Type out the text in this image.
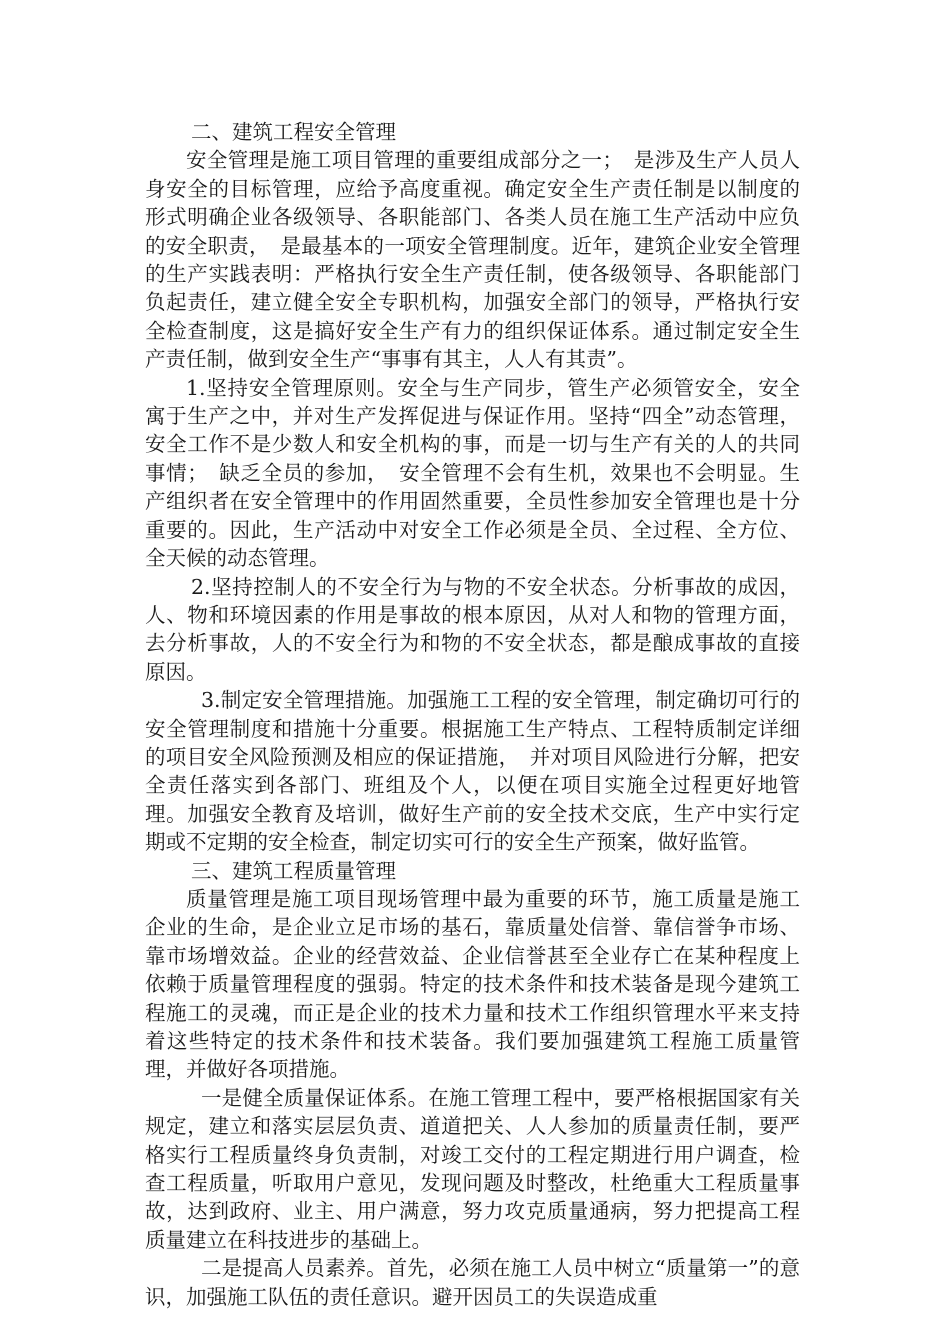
二、建筑工程安全管理

安全管理是施工项目管理的重要组成部分之一；　是涉及生产人员人身安全的目标管理，应给予高度重视。确定安全生产责任制是以制度的形式明确企业各级领导、各职能部门、各类人员在施工生产活动中应负的安全职责，　是最基本的一项安全管理制度。近年，建筑企业安全管理的生产实践表明：严格执行安全生产责任制，使各级领导、各职能部门负起责任，建立健全安全专职机构，加强安全部门的领导，严格执行安全检查制度，这是搞好安全生产有力的组织保证体系。通过制定安全生产责任制，做到安全生产“事事有其主，人人有其责”。

1.坚持安全管理原则。安全与生产同步，管生产必须管安全，安全寓于生产之中，并对生产发挥促进与保证作用。坚持“四全”动态管理，安全工作不是少数人和安全机构的事，而是一切与生产有关的人的共同事情；　缺乏全员的参加，　安全管理不会有生机，效果也不会明显。生产组织者在安全管理中的作用固然重要，全员性参加安全管理也是十分重要的。因此，生产活动中对安全工作必须是全员、全过程、全方位、全天候的动态管理。

2.坚持控制人的不安全行为与物的不安全状态。分析事故的成因，人、物和环境因素的作用是事故的根本原因，从对人和物的管理方面，去分析事故，人的不安全行为和物的不安全状态，都是酿成事故的直接原因。

3.制定安全管理措施。加强施工工程的安全管理，制定确切可行的安全管理制度和措施十分重要。根据施工生产特点、工程特质制定详细的项目安全风险预测及相应的保证措施，　并对项目风险进行分解，把安全责任落实到各部门、班组及个人，以便在项目实施全过程更好地管理。加强安全教育及培训，做好生产前的安全技术交底，生产中实行定期或不定期的安全检查，制定切实可行的安全生产预案，做好监管。

三、建筑工程质量管理

质量管理是施工项目现场管理中最为重要的环节，施工质量是施工企业的生命，是企业立足市场的基石，靠质量处信誉、靠信誉争市场、靠市场增效益。企业的经营效益、企业信誉甚至全业存亡在某种程度上依赖于质量管理程度的强弱。特定的技术条件和技术装备是现今建筑工程施工的灵魂，而正是企业的技术力量和技术工作组织管理水平来支持着这些特定的技术条件和技术装备。我们要加强建筑工程施工质量管理，并做好各项措施。

一是健全质量保证体系。在施工管理工程中，要严格根据国家有关规定，建立和落实层层负责、道道把关、人人参加的质量责任制，要严格实行工程质量终身负责制，对竣工交付的工程定期进行用户调查，检查工程质量，听取用户意见，发现问题及时整改，杜绝重大工程质量事故，达到政府、业主、用户满意，努力攻克质量通病，努力把提高工程质量建立在科技进步的基础上。

二是提高人员素养。首先，必须在施工人员中树立“质量第一”的意识，加强施工队伍的责任意识。避开因员工的失误造成重
